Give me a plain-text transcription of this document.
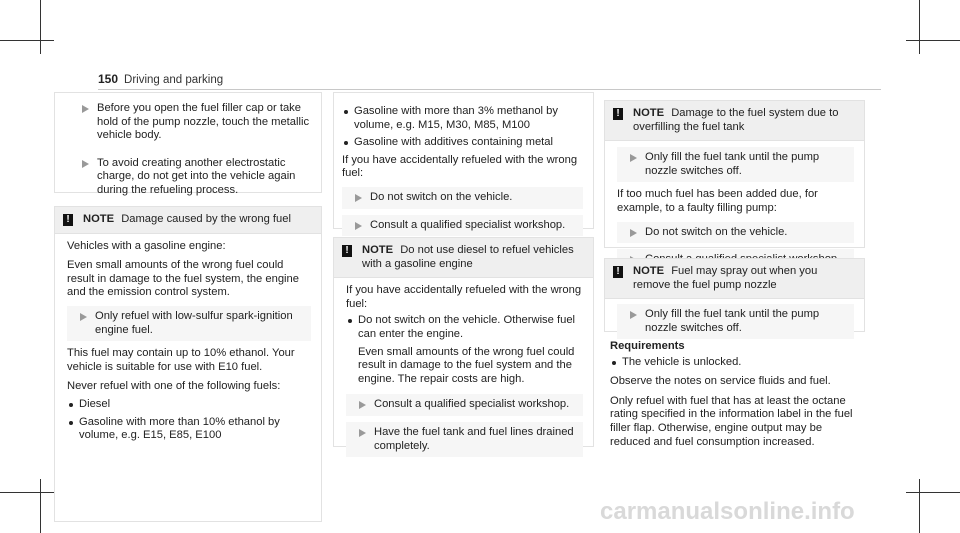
150 Driving and parking
Before you open the fuel filler cap or take hold of the pump nozzle, touch the metallic vehicle body.
To avoid creating another electrostatic charge, do not get into the vehicle again during the refueling process.
! NOTE Damage caused by the wrong fuel

Vehicles with a gasoline engine:

Even small amounts of the wrong fuel could result in damage to the fuel system, the engine and the emission control system.

Only refuel with low-sulfur spark-ignition engine fuel.

This fuel may contain up to 10% ethanol. Your vehicle is suitable for use with E10 fuel.

Never refuel with one of the following fuels:

Diesel
Gasoline with more than 10% ethanol by volume, e.g. E15, E85, E100
Gasoline with more than 3% methanol by volume, e.g. M15, M30, M85, M100
Gasoline with additives containing metal

If you have accidentally refueled with the wrong fuel:

Do not switch on the vehicle.
Consult a qualified specialist workshop.
! NOTE Do not use diesel to refuel vehicles with a gasoline engine

If you have accidentally refueled with the wrong fuel:

Do not switch on the vehicle. Otherwise fuel can enter the engine.
Even small amounts of the wrong fuel could result in damage to the fuel system and the engine. The repair costs are high.
Consult a qualified specialist workshop.
Have the fuel tank and fuel lines drained completely.
! NOTE Damage to the fuel system due to overfilling the fuel tank
Only fill the fuel tank until the pump nozzle switches off.

If too much fuel has been added due, for example, to a faulty filling pump:

Do not switch on the vehicle.
! NOTE Fuel may spray out when you remove the fuel pump nozzle
Only fill the fuel tank until the pump nozzle switches off.
Requirements
The vehicle is unlocked.

Observe the notes on service fluids and fuel.

Only refuel with fuel that has at least the octane rating specified in the information label in the fuel filler flap. Otherwise, engine output may be reduced and fuel consumption increased.

carmanualsonline.info
